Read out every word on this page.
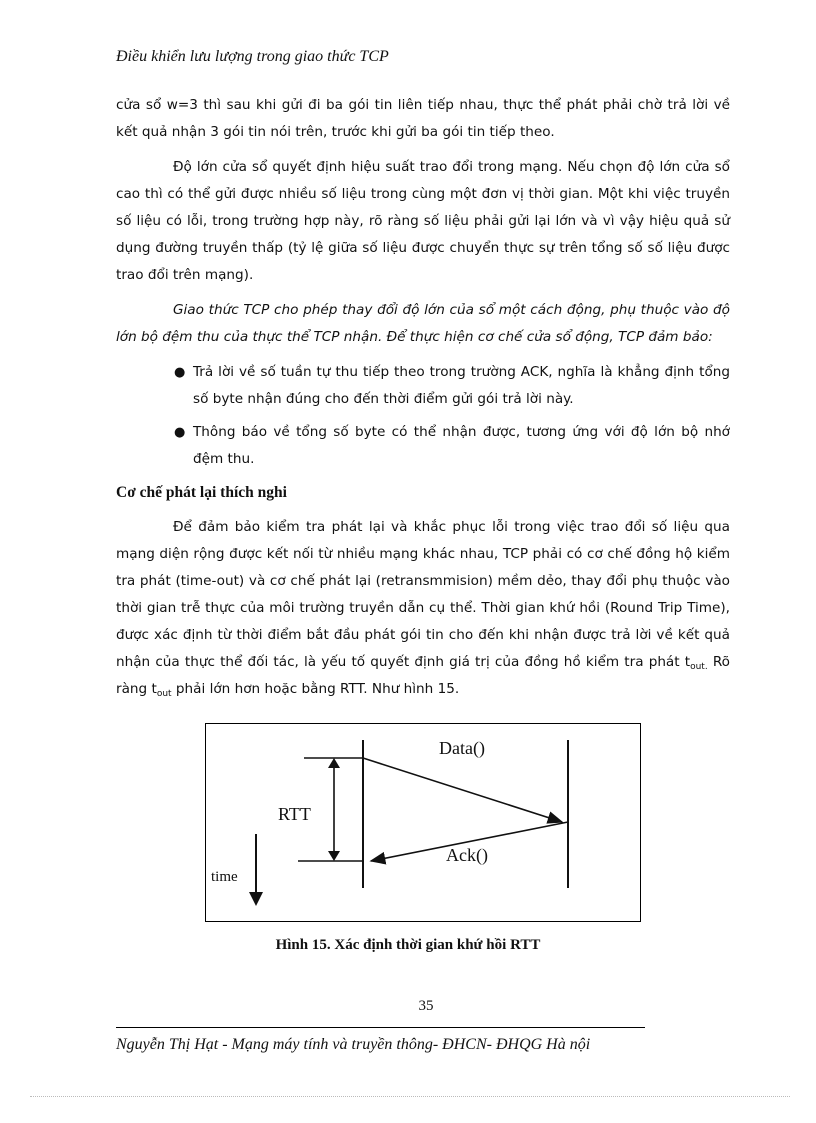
Điều khiển lưu lượng trong giao thức TCP

cửa sổ w=3 thì sau khi gửi đi ba gói tin liên tiếp nhau, thực thể phát phải chờ trả lời về kết quả nhận 3 gói tin nói trên, trước khi gửi ba gói tin tiếp theo.

Độ lớn cửa sổ quyết định hiệu suất trao đổi trong mạng. Nếu chọn độ lớn cửa sổ cao thì có thể gửi được nhiều số liệu trong cùng một đơn vị thời gian. Một khi việc truyền số liệu có lỗi, trong trường hợp này, rõ ràng số liệu phải gửi lại lớn và vì vậy hiệu quả sử dụng đường truyền thấp (tỷ lệ giữa số liệu được chuyển thực sự trên tổng số số liệu được trao đổi trên mạng).

Giao thức TCP cho phép thay đổi độ lớn của sổ một cách động, phụ thuộc vào độ lớn bộ đệm thu của thực thể TCP nhận. Để thực hiện cơ chế cửa sổ động, TCP đảm bảo:

● Trả lời về số tuần tự thu tiếp theo trong trường ACK, nghĩa là khẳng định tổng số byte nhận đúng cho đến thời điểm gửi gói trả lời này.
● Thông báo về tổng số byte có thể nhận được, tương ứng với độ lớn bộ nhớ đệm thu.
Cơ chế phát lại thích nghi

Để đảm bảo kiểm tra phát lại và khắc phục lỗi trong việc trao đổi số liệu qua mạng diện rộng được kết nối từ nhiều mạng khác nhau, TCP phải có cơ chế đồng hộ kiểm tra phát (time-out) và cơ chế phát lại (retransmmision) mềm dẻo, thay đổi phụ thuộc vào thời gian trễ thực của môi trường truyền dẫn cụ thể. Thời gian khứ hồi (Round Trip Time), được xác định từ thời điểm bắt đầu phát gói tin cho đến khi nhận được trả lời về kết quả nhận của thực thể đối tác, là yếu tố quyết định giá trị của đồng hồ kiểm tra phát $t_{out.}$ Rõ ràng $t_{out}$ phải lớn hơn hoặc bằng RTT. Như hình 15.

Data()
Ack()
RTT
time
Hình 15. Xác định thời gian khứ hồi RTT
35
Nguyễn Thị Hạt - Mạng máy tính và truyền thông- ĐHCN- ĐHQG Hà nội
